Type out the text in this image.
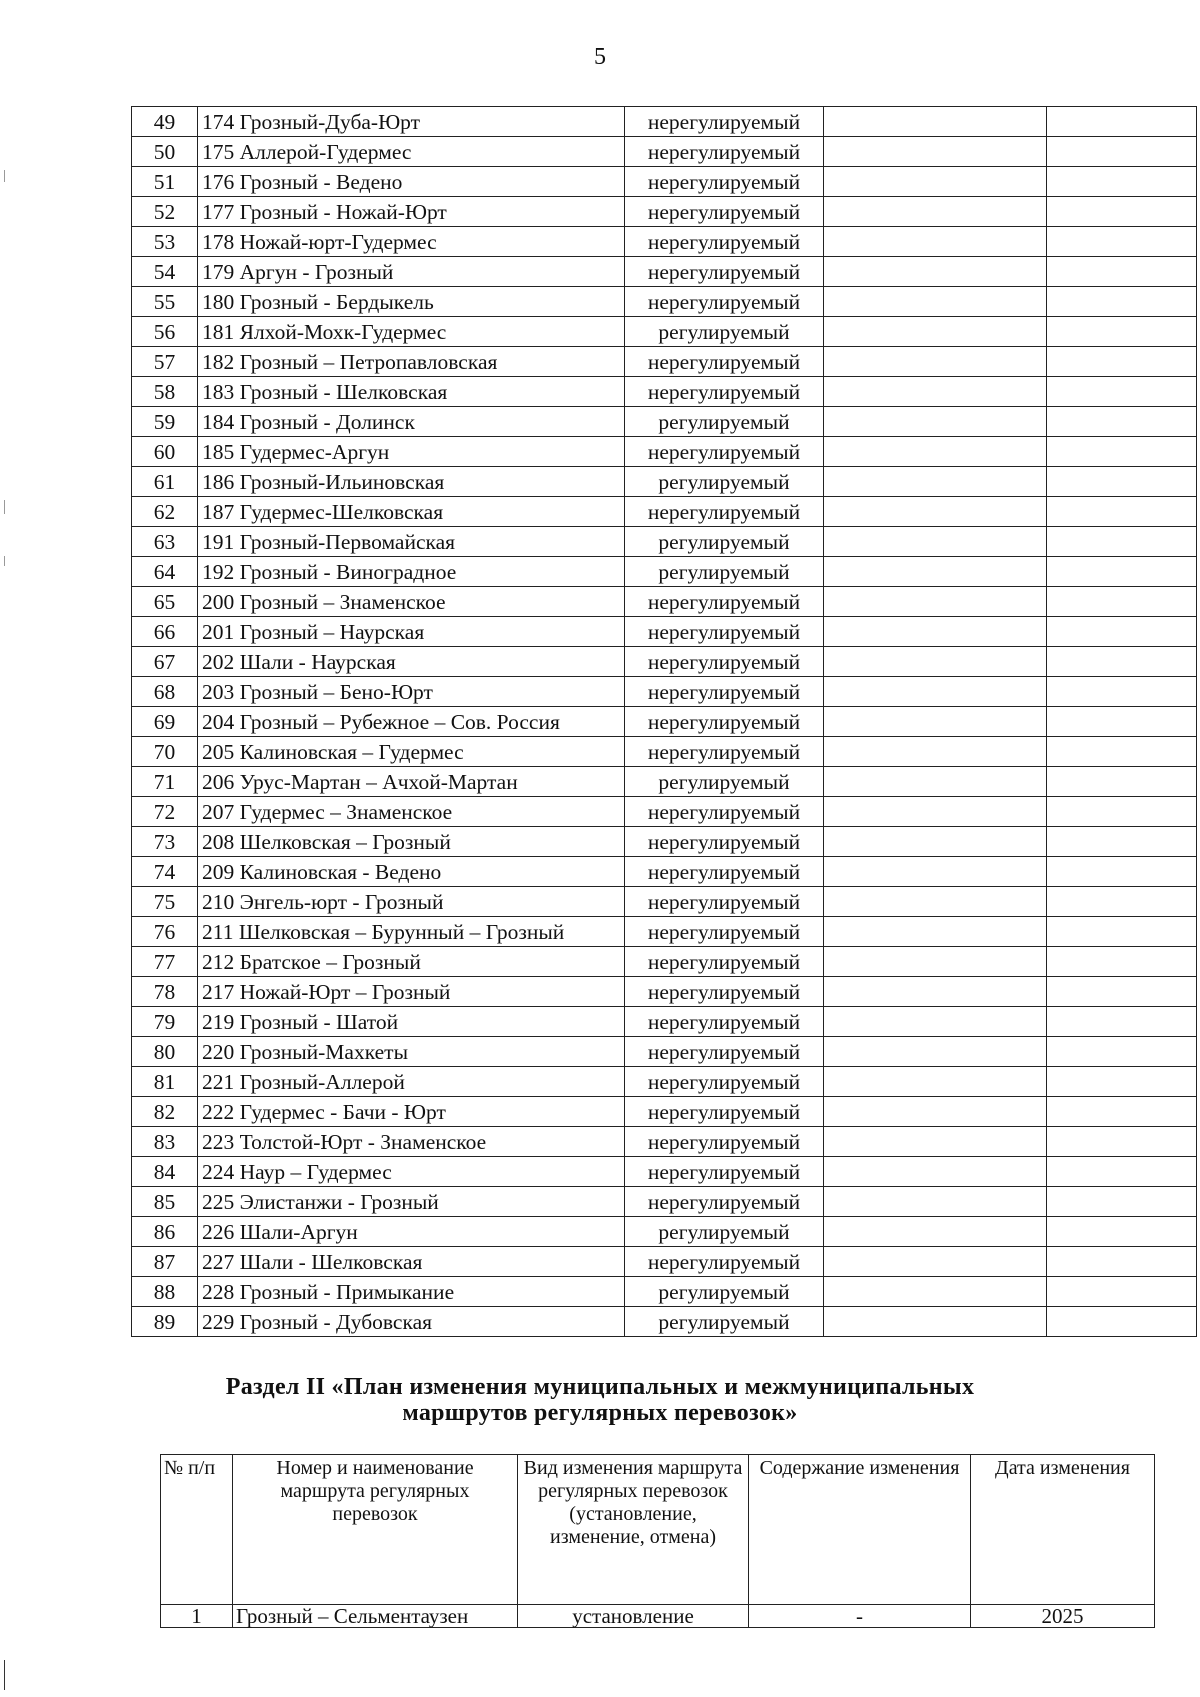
5
49	174 Грозный-Дуба-Юрт	нерегулируемый		
50	175 Аллерой-Гудермес	нерегулируемый		
51	176 Грозный - Ведено	нерегулируемый		
52	177 Грозный - Ножай-Юрт	нерегулируемый		
53	178 Ножай-юрт-Гудермес	нерегулируемый		
54	179 Аргун - Грозный	нерегулируемый		
55	180 Грозный - Бердыкель	нерегулируемый		
56	181 Ялхой-Мохк-Гудермес	регулируемый		
57	182 Грозный – Петропавловская	нерегулируемый		
58	183 Грозный - Шелковская	нерегулируемый		
59	184 Грозный - Долинск	регулируемый		
60	185 Гудермес-Аргун	нерегулируемый		
61	186 Грозный-Ильиновская	регулируемый		
62	187 Гудермес-Шелковская	нерегулируемый		
63	191 Грозный-Первомайская	регулируемый		
64	192 Грозный - Виноградное	регулируемый		
65	200 Грозный – Знаменское	нерегулируемый		
66	201 Грозный – Наурская	нерегулируемый		
67	202 Шали - Наурская	нерегулируемый		
68	203 Грозный – Бено-Юрт	нерегулируемый		
69	204 Грозный – Рубежное – Сов. Россия	нерегулируемый		
70	205 Калиновская – Гудермес	нерегулируемый		
71	206 Урус-Мартан – Ачхой-Мартан	регулируемый		
72	207 Гудермес – Знаменское	нерегулируемый		
73	208 Шелковская – Грозный	нерегулируемый		
74	209 Калиновская - Ведено	нерегулируемый		
75	210 Энгель-юрт - Грозный	нерегулируемый		
76	211 Шелковская – Бурунный – Грозный	нерегулируемый		
77	212 Братское – Грозный	нерегулируемый		
78	217 Ножай-Юрт – Грозный	нерегулируемый		
79	219 Грозный - Шатой	нерегулируемый		
80	220 Грозный-Махкеты	нерегулируемый		
81	221 Грозный-Аллерой	нерегулируемый		
82	222 Гудермес - Бачи - Юрт	нерегулируемый		
83	223 Толстой-Юрт - Знаменское	нерегулируемый		
84	224 Наур – Гудермес	нерегулируемый		
85	225 Элистанжи - Грозный	нерегулируемый		
86	226 Шали-Аргун	регулируемый		
87	227 Шали - Шелковская	нерегулируемый		
88	228 Грозный - Примыкание	регулируемый		
89	229 Грозный - Дубовская	регулируемый		
Раздел II «План изменения муниципальных и межмуниципальных
маршрутов регулярных перевозок»
№ п/п	Номер и наименование маршрута регулярных перевозок	Вид изменения маршрута регулярных перевозок (установление, изменение, отмена)	Содержание изменения	Дата изменения
1	Грозный – Сельментаузен	установление	-	2025
